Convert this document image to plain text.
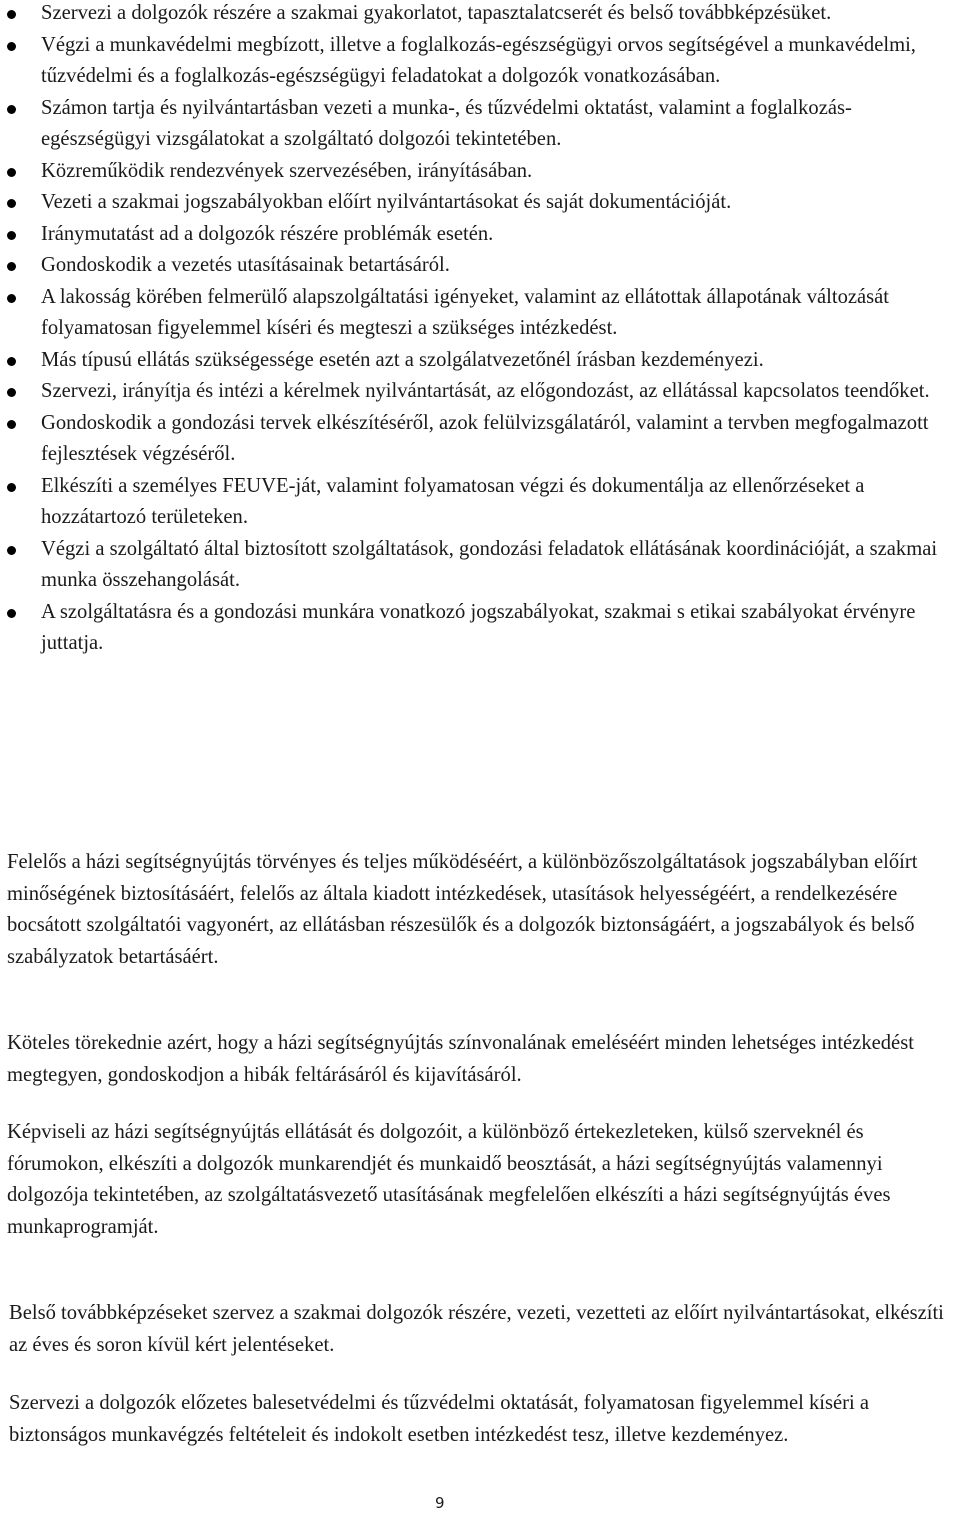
Szervezi a dolgozók részére a szakmai gyakorlatot, tapasztalatcserét és belső továbbképzésüket.
Végzi a munkavédelmi megbízott, illetve a foglalkozás-egészségügyi orvos segítségével a munkavédelmi, tűzvédelmi és a foglalkozás-egészségügyi feladatokat a dolgozók vonatkozásában.
Számon tartja és nyilvántartásban vezeti a munka-, és tűzvédelmi oktatást, valamint a foglalkozás-egészségügyi vizsgálatokat a szolgáltató dolgozói tekintetében.
Közreműködik rendezvények szervezésében, irányításában.
Vezeti a szakmai jogszabályokban előírt nyilvántartásokat és saját dokumentációját.
Iránymutatást ad a dolgozók részére problémák esetén.
Gondoskodik a vezetés utasításainak betartásáról.
A lakosság körében felmerülő alapszolgáltatási igényeket, valamint az ellátottak állapotának változását folyamatosan figyelemmel kíséri és megteszi a szükséges intézkedést.
Más típusú ellátás szükségessége esetén azt a szolgálatvezetőnél írásban kezdeményezi.
Szervezi, irányítja és intézi a kérelmek nyilvántartását, az előgondozást, az ellátással kapcsolatos teendőket.
Gondoskodik a gondozási tervek elkészítéséről, azok felülvizsgálatáról, valamint a tervben megfogalmazott fejlesztések végzéséről.
Elkészíti a személyes FEUVE-ját, valamint folyamatosan végzi és dokumentálja az ellenőrzéseket a hozzátartozó területeken.
Végzi a szolgáltató által biztosított szolgáltatások, gondozási feladatok ellátásának koordinációját, a szakmai munka összehangolását.
A szolgáltatásra és a gondozási munkára vonatkozó jogszabályokat, szakmai s etikai szabályokat érvényre juttatja.

Felelős a házi segítségnyújtás törvényes és teljes működéséért, a különbözőszolgáltatások jogszabályban előírt minőségének biztosításáért, felelős az általa kiadott intézkedések, utasítások helyességéért, a rendelkezésére bocsátott szolgáltatói vagyonért, az ellátásban részesülők és a dolgozók biztonságáért, a jogszabályok és belső szabályzatok betartásáért.

Köteles törekednie azért, hogy a házi segítségnyújtás színvonalának emeléséért minden lehetséges intézkedést megtegyen, gondoskodjon a hibák feltárásáról és kijavításáról.

Képviseli az házi segítségnyújtás ellátását és dolgozóit, a különböző értekezleteken, külső szerveknél és fórumokon, elkészíti a dolgozók munkarendjét és munkaidő beosztását, a házi segítségnyújtás valamennyi dolgozója tekintetében, az szolgáltatásvezető utasításának megfelelően elkészíti a házi segítségnyújtás éves munkaprogramját.

Belső továbbképzéseket szervez a szakmai dolgozók részére, vezeti, vezetteti az előírt nyilvántartásokat, elkészíti az éves és soron kívül kért jelentéseket.

Szervezi a dolgozók előzetes balesetvédelmi és tűzvédelmi oktatását, folyamatosan figyelemmel kíséri a biztonságos munkavégzés feltételeit és indokolt esetben intézkedést tesz, illetve kezdeményez.

9
